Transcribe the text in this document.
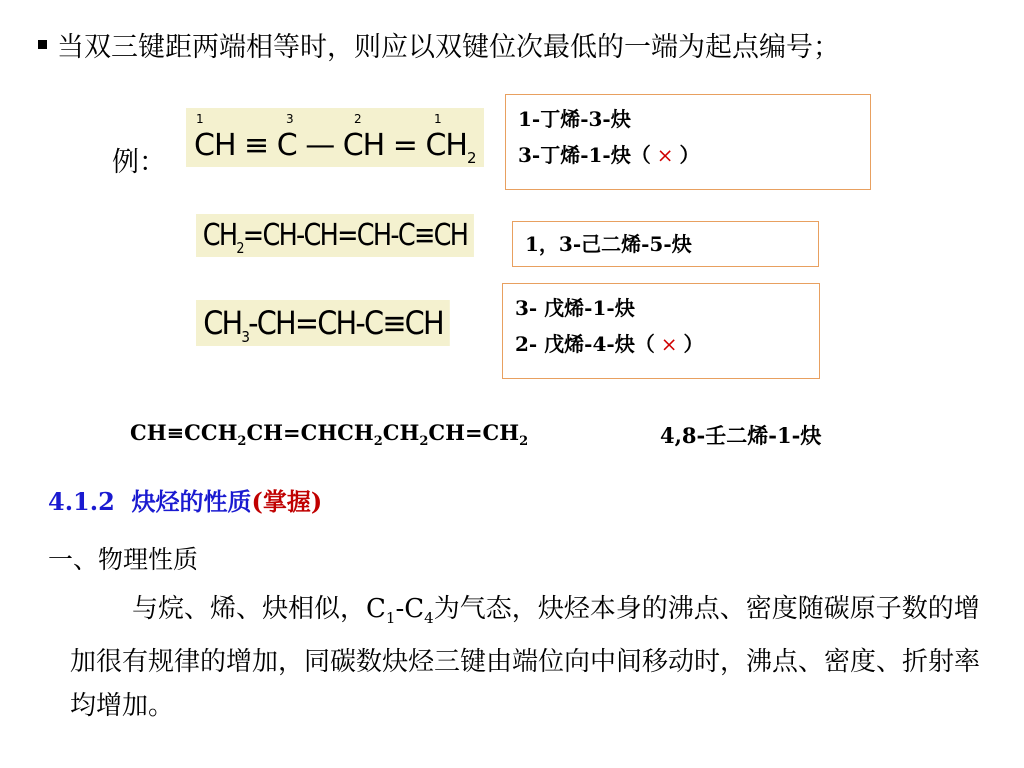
当双三键距两端相等时，则应以双键位次最低的一端为起点编号；
例：
1	3	2	1
CH ≡ C — CH = $CH_2$
1-丁烯-3-炔
3-丁烯-1-炔（ × ）
$CH_2=CH-CH=CH-C\equiv CH$	1，3-己二烯-5-炔
$CH_3-CH=CH-C\equiv CH$	3- 戊烯-1-炔
2- 戊烯-4-炔（ × ）
$CH\equiv CCH_2CH=CHCH_2CH_2CH=CH_2$	4,8-壬二烯-1-炔
4.1.2 炔烃的性质(掌握)
一、物理性质
与烷、烯、炔相似，$C_1-C_4$为气态，炔烃本身的沸点、密度随碳原子数的增加很有规律的增加，同碳数炔烃三键由端位向中间移动时，沸点、密度、折射率均增加。
